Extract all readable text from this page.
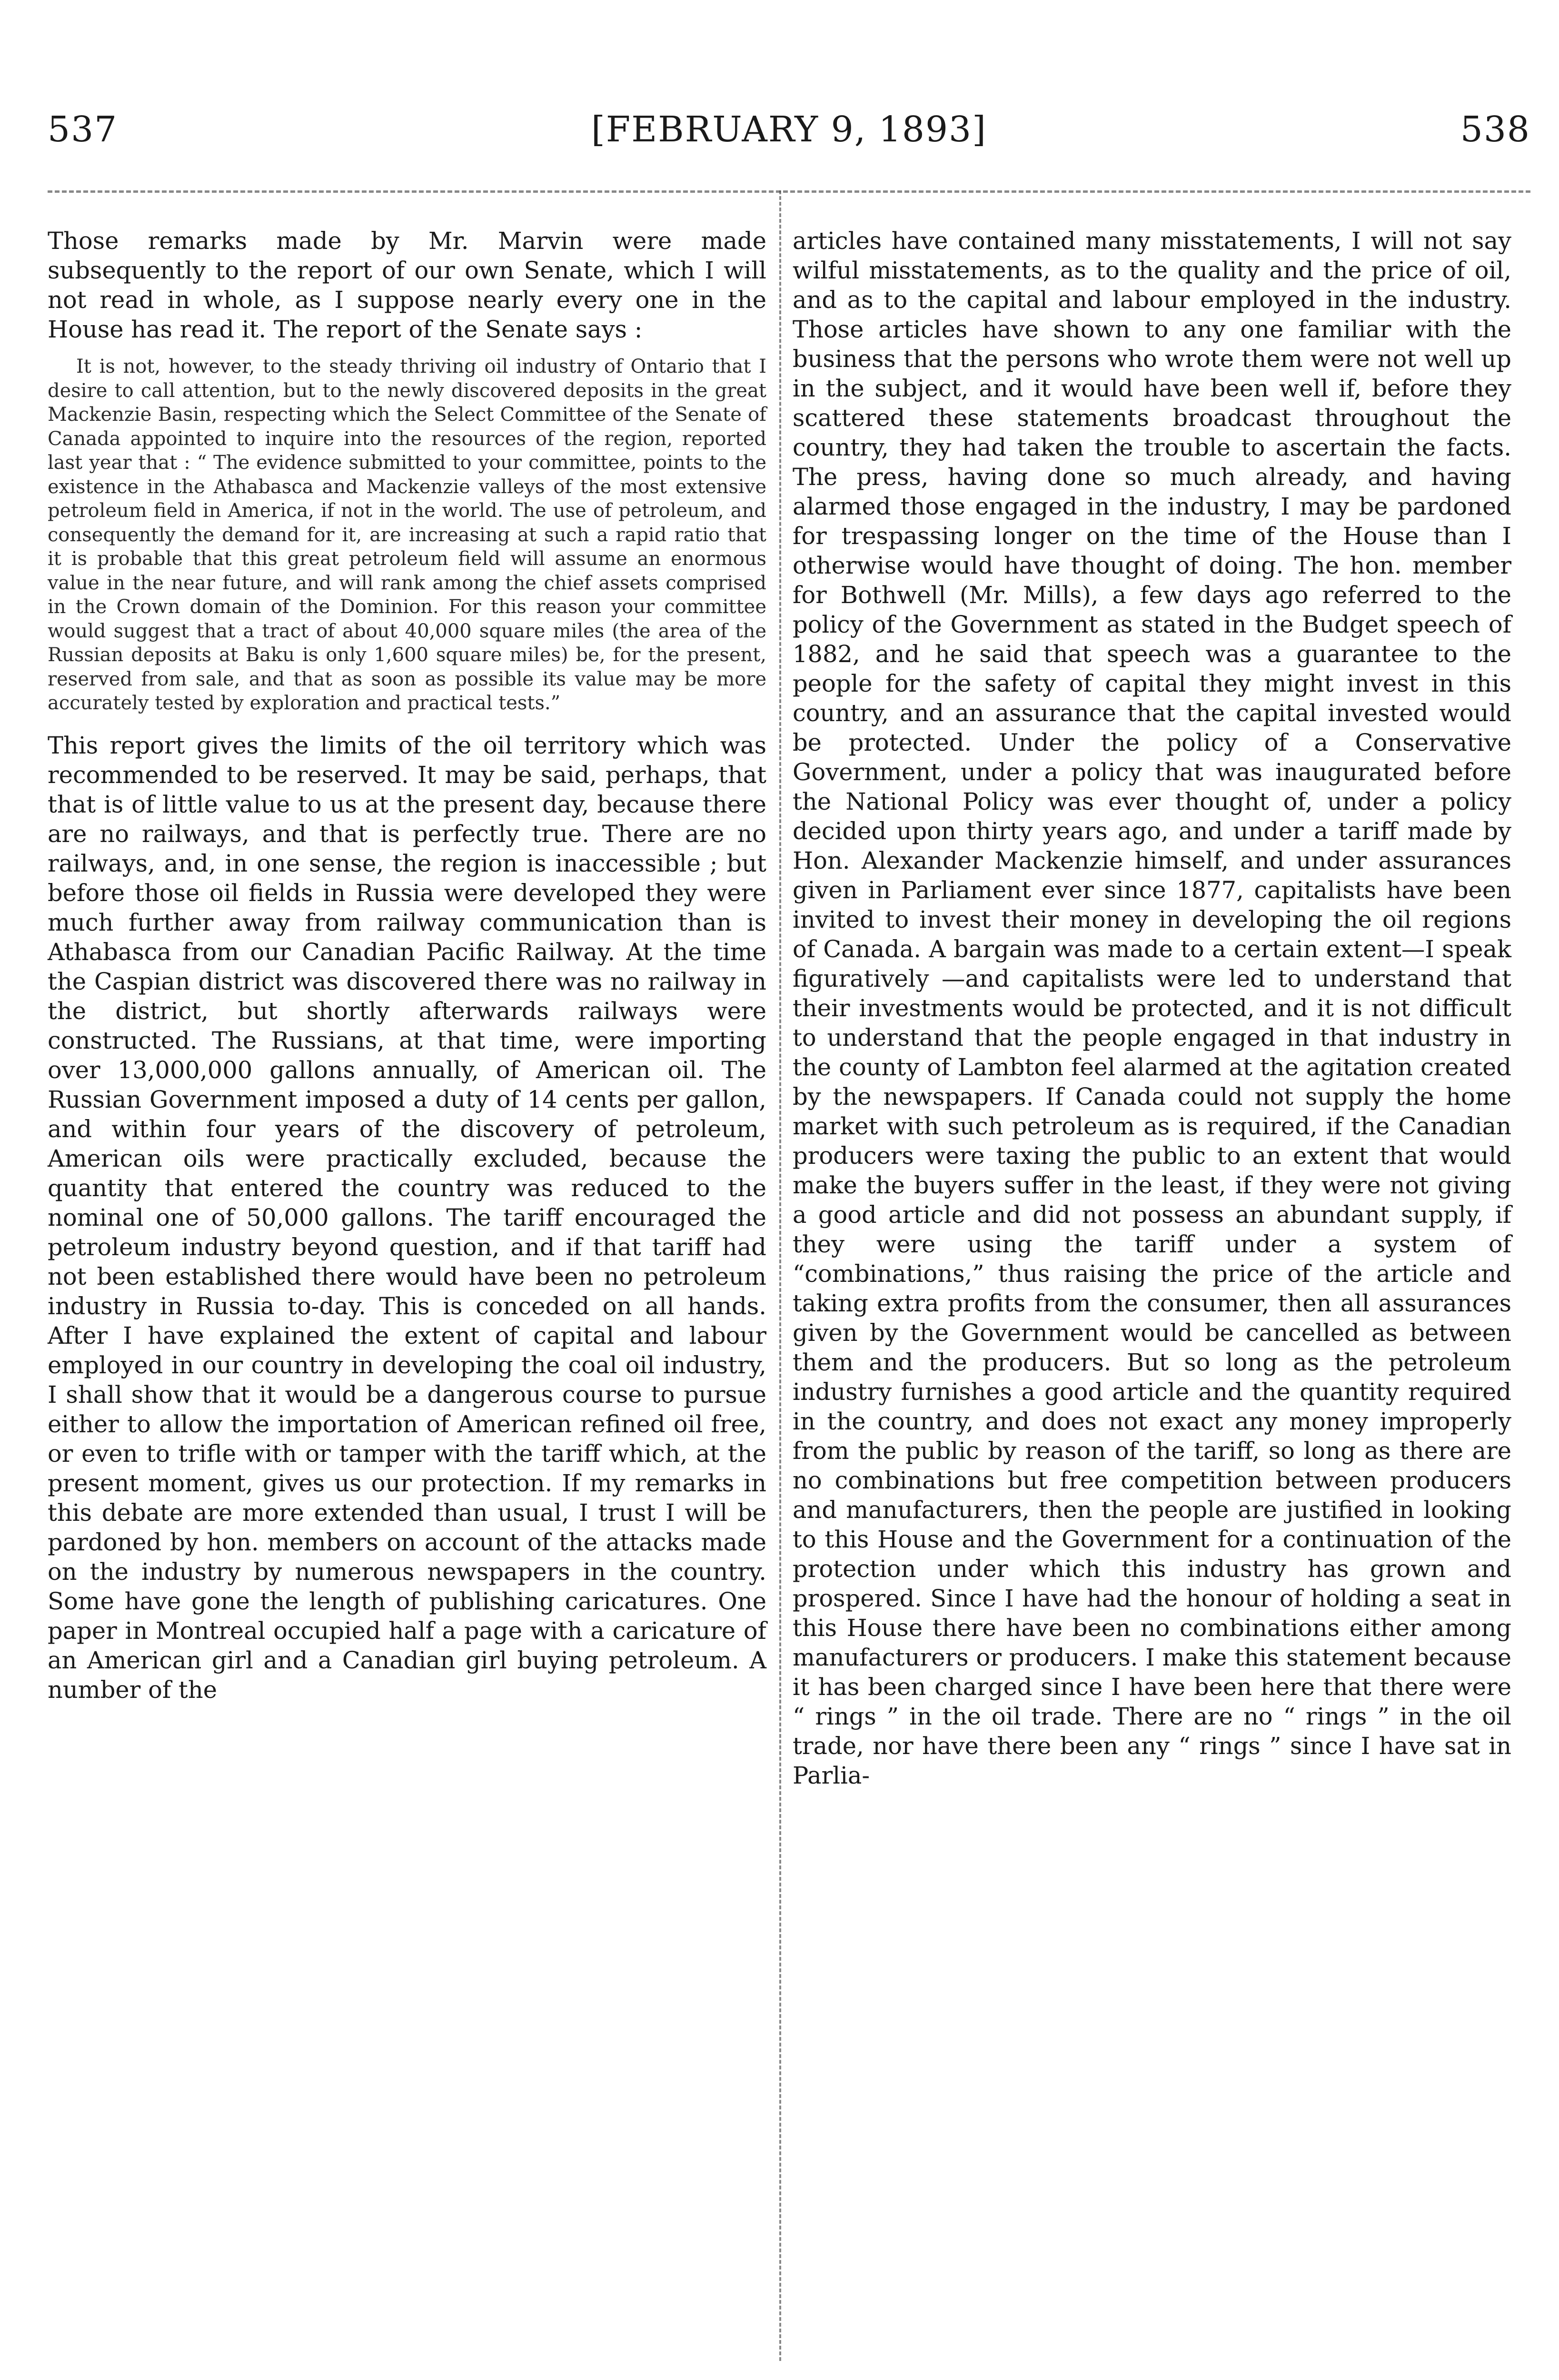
537	[FEBRUARY 9, 1893]	538

Those remarks made by Mr. Marvin were made subsequently to the report of our own Senate, which I will not read in whole, as I suppose nearly every one in the House has read it. The report of the Senate says :

It is not, however, to the steady thriving oil industry of Ontario that I desire to call attention, but to the newly discovered deposits in the great Mackenzie Basin, respecting which the Select Committee of the Senate of Canada appointed to inquire into the resources of the region, reported last year that : “ The evidence submitted to your committee, points to the existence in the Athabasca and Mackenzie valleys of the most extensive petroleum field in America, if not in the world. The use of petroleum, and consequently the demand for it, are increasing at such a rapid ratio that it is probable that this great petroleum field will assume an enormous value in the near future, and will rank among the chief assets comprised in the Crown domain of the Dominion. For this reason your committee would suggest that a tract of about 40,000 square miles (the area of the Russian deposits at Baku is only 1,600 square miles) be, for the present, reserved from sale, and that as soon as possible its value may be more accurately tested by exploration and practical tests.”

This report gives the limits of the oil territory which was recommended to be reserved. It may be said, perhaps, that that is of little value to us at the present day, because there are no railways, and that is perfectly true. There are no railways, and, in one sense, the region is inaccessible ; but before those oil fields in Russia were developed they were much further away from railway communication than is Athabasca from our Canadian Pacific Railway. At the time the Caspian district was discovered there was no railway in the district, but shortly afterwards railways were constructed. The Russians, at that time, were importing over 13,000,000 gallons annually, of American oil. The Russian Government imposed a duty of 14 cents per gallon, and within four years of the discovery of petroleum, American oils were practically excluded, because the quantity that entered the country was reduced to the nominal one of 50,000 gallons. The tariff encouraged the petroleum industry beyond question, and if that tariff had not been established there would have been no petroleum industry in Russia to-day. This is conceded on all hands. After I have explained the extent of capital and labour employed in our country in developing the coal oil industry, I shall show that it would be a dangerous course to pursue either to allow the importation of American refined oil free, or even to trifle with or tamper with the tariff which, at the present moment, gives us our protection. If my remarks in this debate are more extended than usual, I trust I will be pardoned by hon. members on account of the attacks made on the industry by numerous newspapers in the country. Some have gone the length of publishing caricatures. One paper in Montreal occupied half a page with a caricature of an American girl and a Canadian girl buying petroleum. A number of the

articles have contained many misstatements, I will not say wilful misstatements, as to the quality and the price of oil, and as to the capital and labour employed in the industry. Those articles have shown to any one familiar with the business that the persons who wrote them were not well up in the subject, and it would have been well if, before they scattered these statements broadcast throughout the country, they had taken the trouble to ascertain the facts. The press, having done so much already, and having alarmed those engaged in the industry, I may be pardoned for trespassing longer on the time of the House than I otherwise would have thought of doing. The hon. member for Bothwell (Mr. Mills), a few days ago referred to the policy of the Government as stated in the Budget speech of 1882, and he said that speech was a guarantee to the people for the safety of capital they might invest in this country, and an assurance that the capital invested would be protected. Under the policy of a Conservative Government, under a policy that was inaugurated before the National Policy was ever thought of, under a policy decided upon thirty years ago, and under a tariff made by Hon. Alexander Mackenzie himself, and under assurances given in Parliament ever since 1877, capitalists have been invited to invest their money in developing the oil regions of Canada. A bargain was made to a certain extent—I speak figuratively —and capitalists were led to understand that their investments would be protected, and it is not difficult to understand that the people engaged in that industry in the county of Lambton feel alarmed at the agitation created by the newspapers. If Canada could not supply the home market with such petroleum as is required, if the Canadian producers were taxing the public to an extent that would make the buyers suffer in the least, if they were not giving a good article and did not possess an abundant supply, if they were using the tariff under a system of “combinations,” thus raising the price of the article and taking extra profits from the consumer, then all assurances given by the Government would be cancelled as between them and the producers. But so long as the petroleum industry furnishes a good article and the quantity required in the country, and does not exact any money improperly from the public by reason of the tariff, so long as there are no combinations but free competition between producers and manufacturers, then the people are justified in looking to this House and the Government for a continuation of the protection under which this industry has grown and prospered. Since I have had the honour of holding a seat in this House there have been no combinations either among manufacturers or producers. I make this statement because it has been charged since I have been here that there were “ rings ” in the oil trade. There are no “ rings ” in the oil trade, nor have there been any “ rings ” since I have sat in Parlia-
